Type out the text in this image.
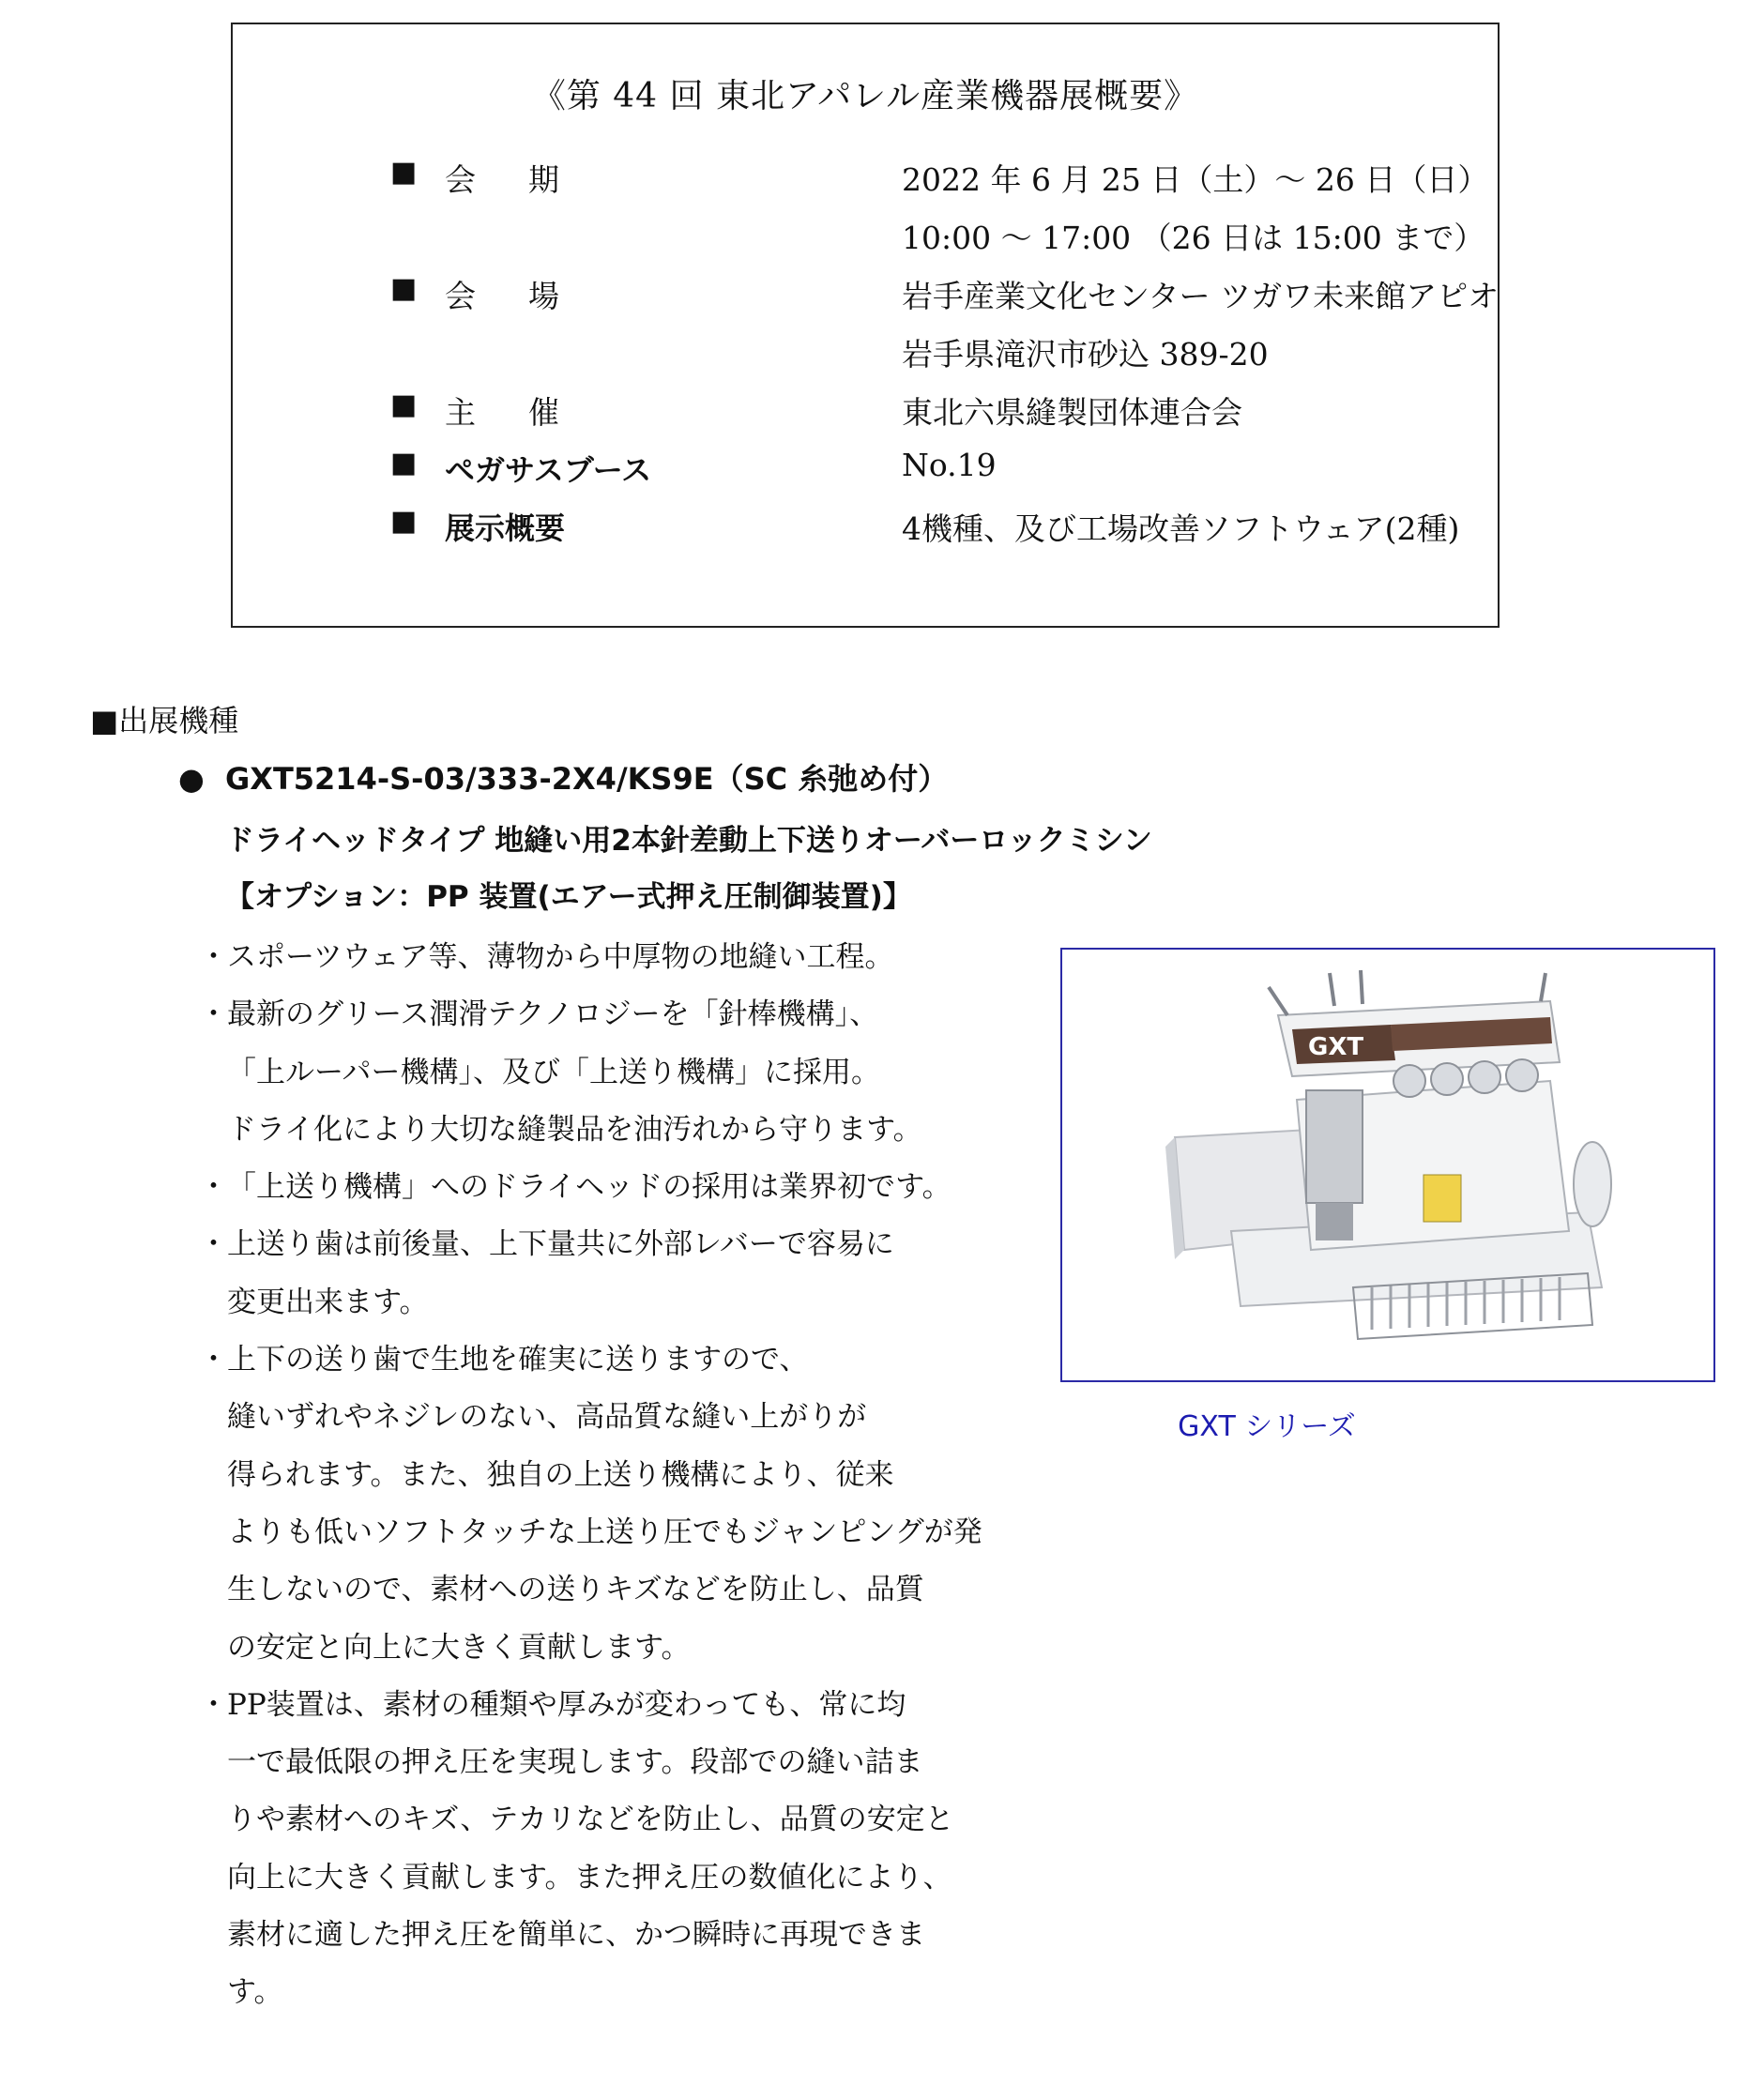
《第 44 回 東北アパレル産業機器展概要》
■ 会期	2022 年 6 月 25 日（土）～ 26 日（日）
10:00 ～ 17:00 （26 日は 15:00 まで）
■ 会場	岩手産業文化センター ツガワ未来館アピオ
岩手県滝沢市砂込 389-20
■ 主催	東北六県縫製団体連合会
■ ペガサスブース	No.19
■ 展示概要	4機種、及び工場改善ソフトウェア(2種)
■出展機種
● GXT5214-S-03/333-2X4/KS9E（SC 糸弛め付）
ドライヘッドタイプ 地縫い用2本針差動上下送りオーバーロックミシン
【オプション：PP 装置(エアー式押え圧制御装置)】
・ スポーツウェア等、薄物から中厚物の地縫い工程。
・ 最新のグリース潤滑テクノロジーを「針棒機構」、
「上ルーパー機構」、及び「上送り機構」に採用。
ドライ化により大切な縫製品を油汚れから守ります。
・ 「上送り機構」へのドライヘッドの採用は業界初です。
・ 上送り歯は前後量、上下量共に外部レバーで容易に
変更出来ます。
・ 上下の送り歯で生地を確実に送りますので、
縫いずれやネジレのない、高品質な縫い上がりが
得られます。また、独自の上送り機構により、従来
よりも低いソフトタッチな上送り圧でもジャンピングが発
生しないので、素材への送りキズなどを防止し、品質
の安定と向上に大きく貢献します。
・ PP装置は、素材の種類や厚みが変わっても、常に均
一で最低限の押え圧を実現します。段部での縫い詰ま
りや素材へのキズ、テカリなどを防止し、品質の安定と
向上に大きく貢献します。また押え圧の数値化により、
素材に適した押え圧を簡単に、かつ瞬時に再現できま
す。
GXT
GXT シリーズ
